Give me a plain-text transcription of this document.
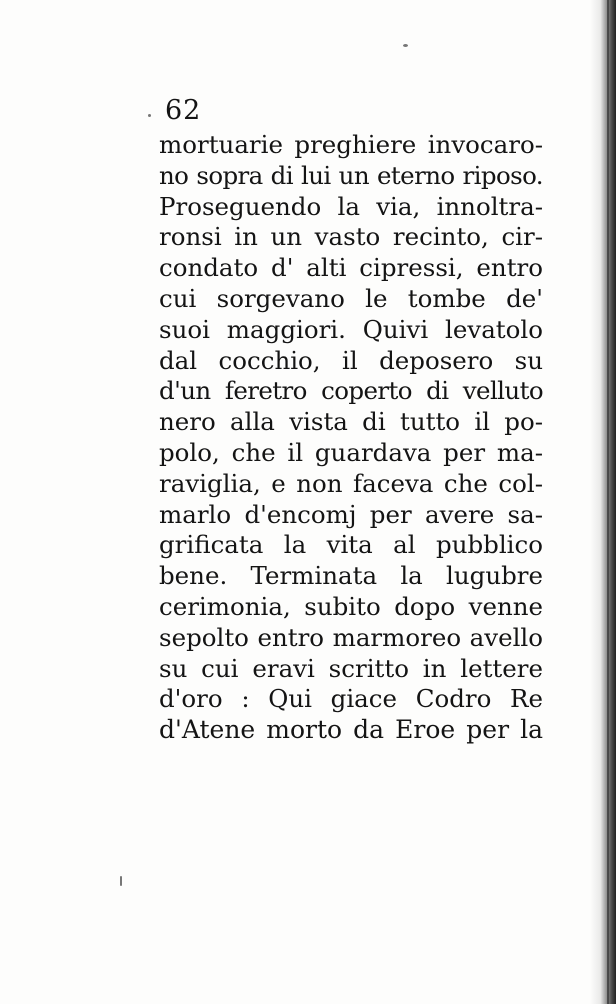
62
mortuarie preghiere invocaro-
no sopra di lui un eterno riposo.
Proseguendo la via, innoltra-
ronsi in un vasto recinto, cir-
condato d' alti cipressi, entro
cui sorgevano le tombe de'
suoi maggiori. Quivi levatolo
dal cocchio, il deposero su
d'un feretro coperto di velluto
nero alla vista di tutto il po-
polo, che il guardava per ma-
raviglia, e non faceva che col-
marlo d'encomj per avere sa-
grificata la vita al pubblico
bene. Terminata la lugubre
cerimonia, subito dopo venne
sepolto entro marmoreo avello
su cui eravi scritto in lettere
d'oro : Qui giace Codro Re
d'Atene morto da Eroe per la
